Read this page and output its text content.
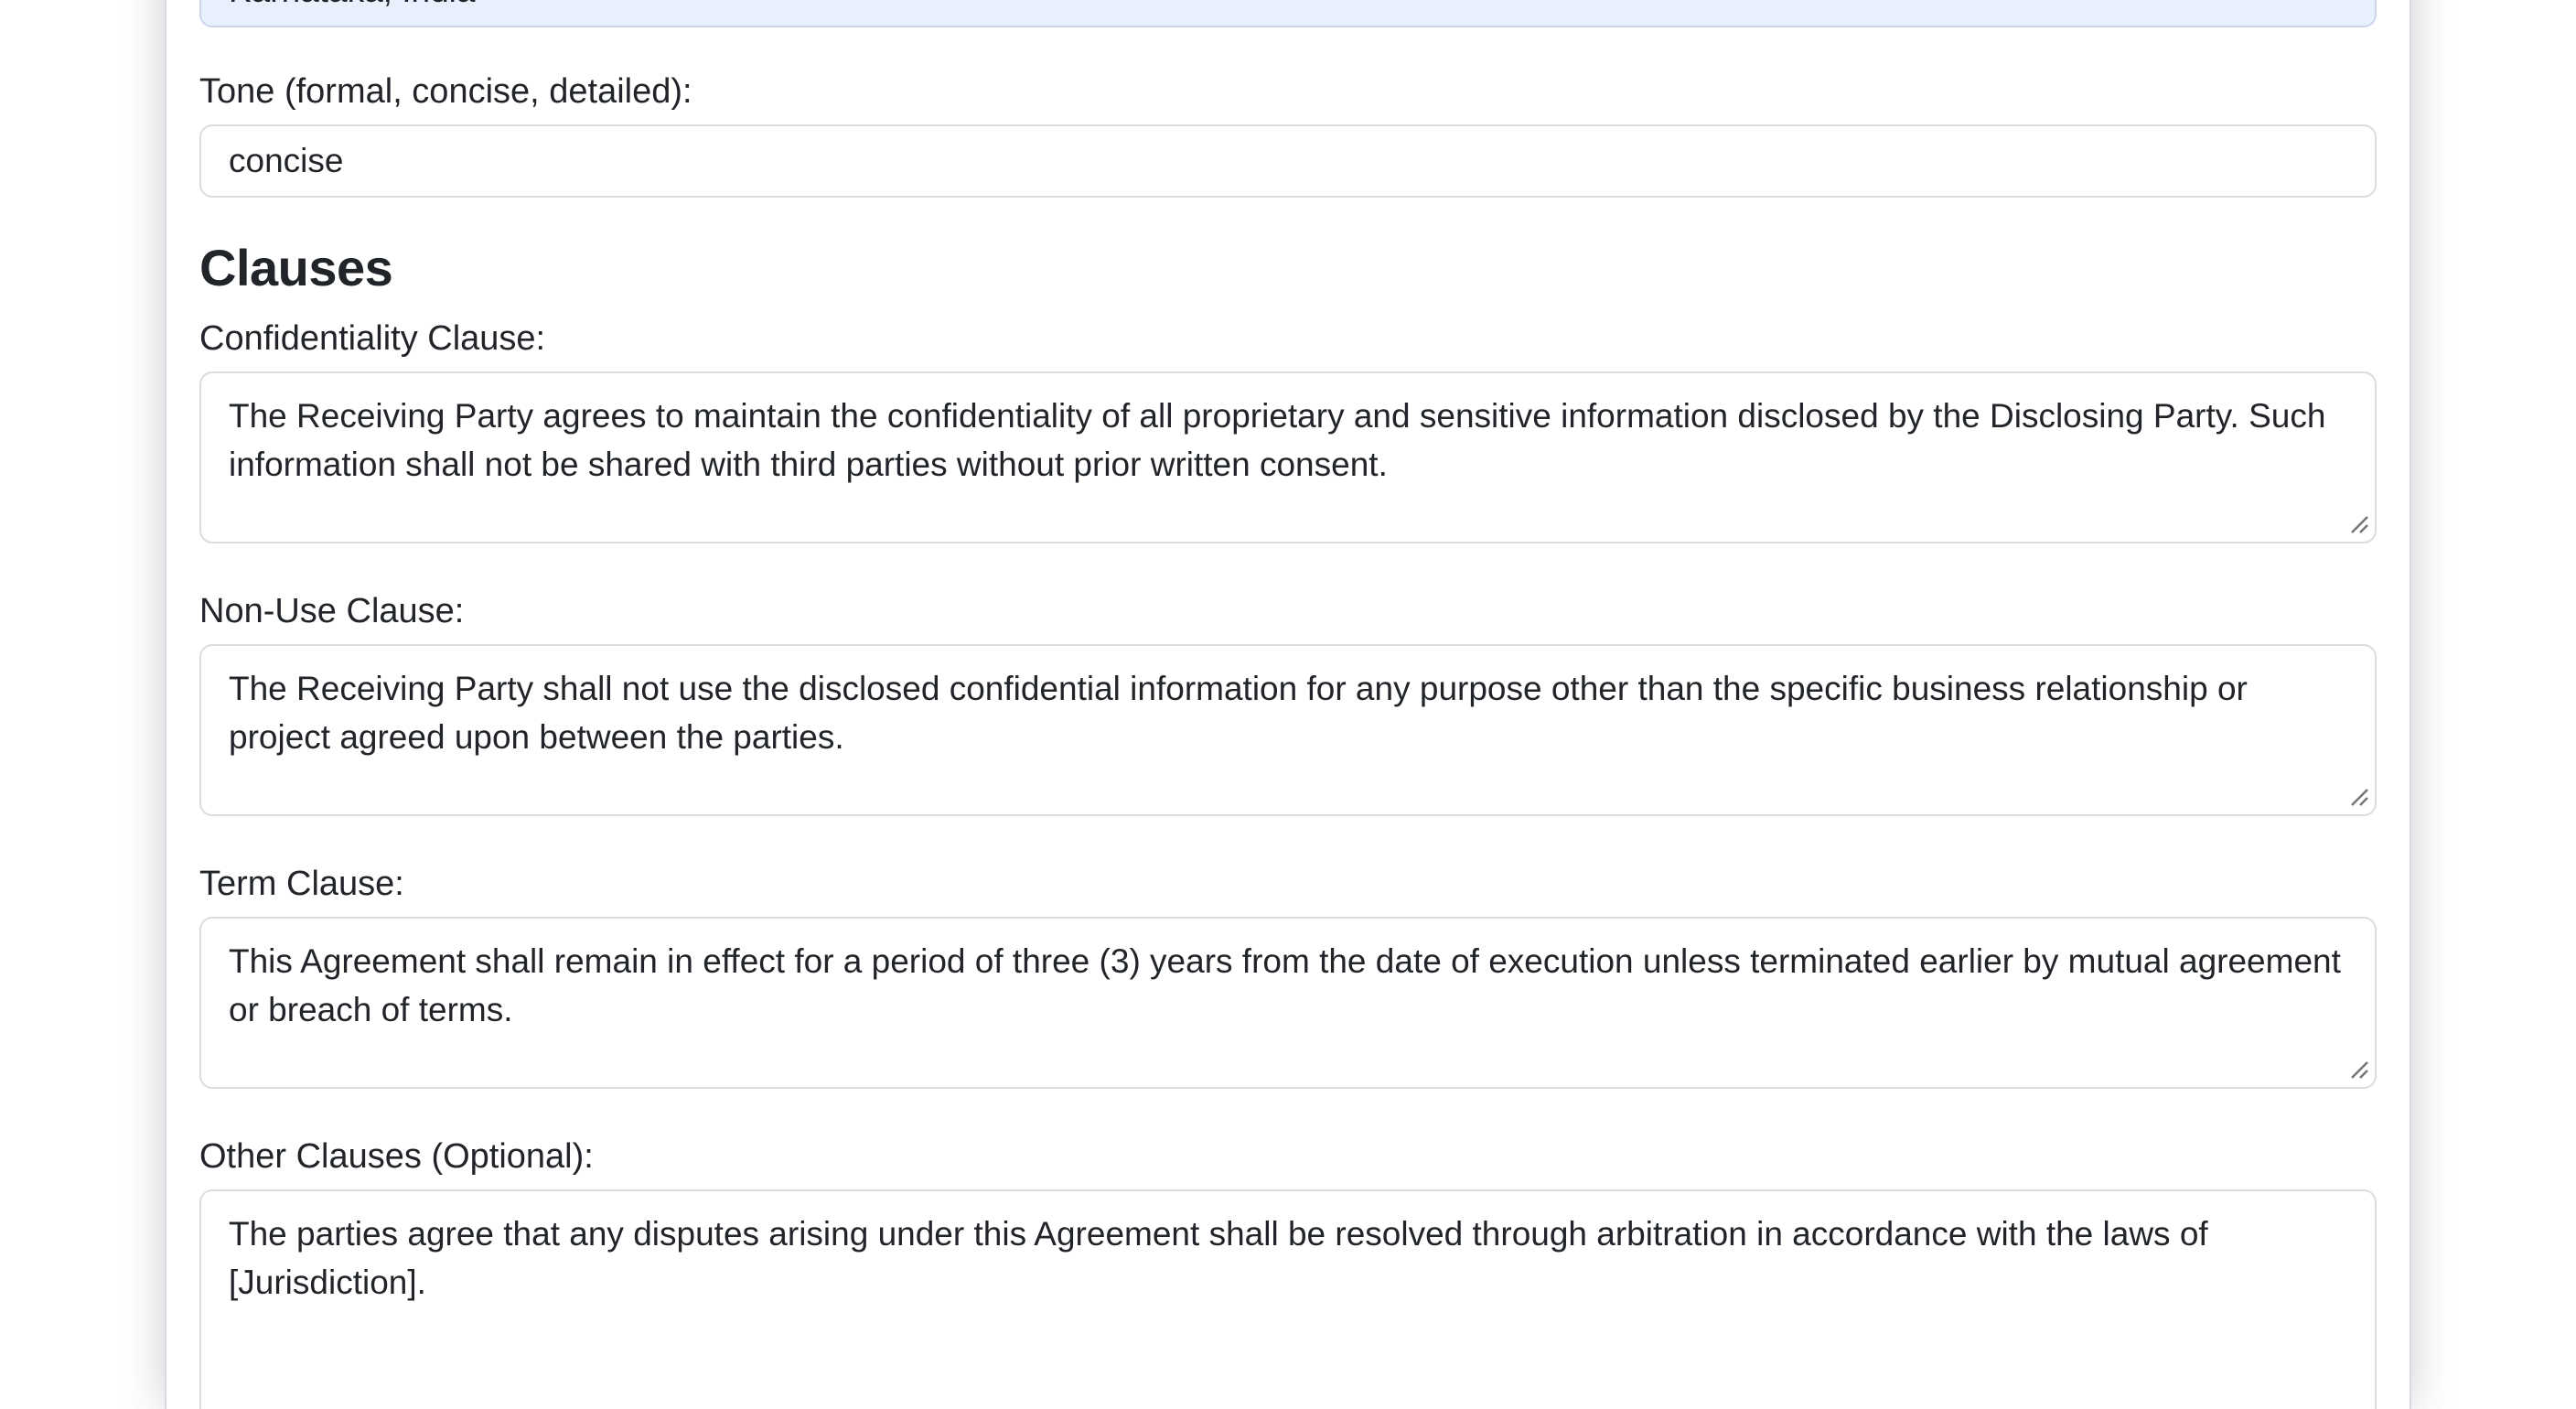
Karnataka, India
Tone (formal, concise, detailed):
concise
Clauses
Confidentiality Clause:
The Receiving Party agrees to maintain the confidentiality of all proprietary and sensitive information disclosed by the Disclosing Party. Such information shall not be shared with third parties without prior written consent.
Non-Use Clause:
The Receiving Party shall not use the disclosed confidential information for any purpose other than the specific business relationship or project agreed upon between the parties.
Term Clause:
This Agreement shall remain in effect for a period of three (3) years from the date of execution unless terminated earlier by mutual agreement or breach of terms.
Other Clauses (Optional):
The parties agree that any disputes arising under this Agreement shall be resolved through arbitration in accordance with the laws of [Jurisdiction].
